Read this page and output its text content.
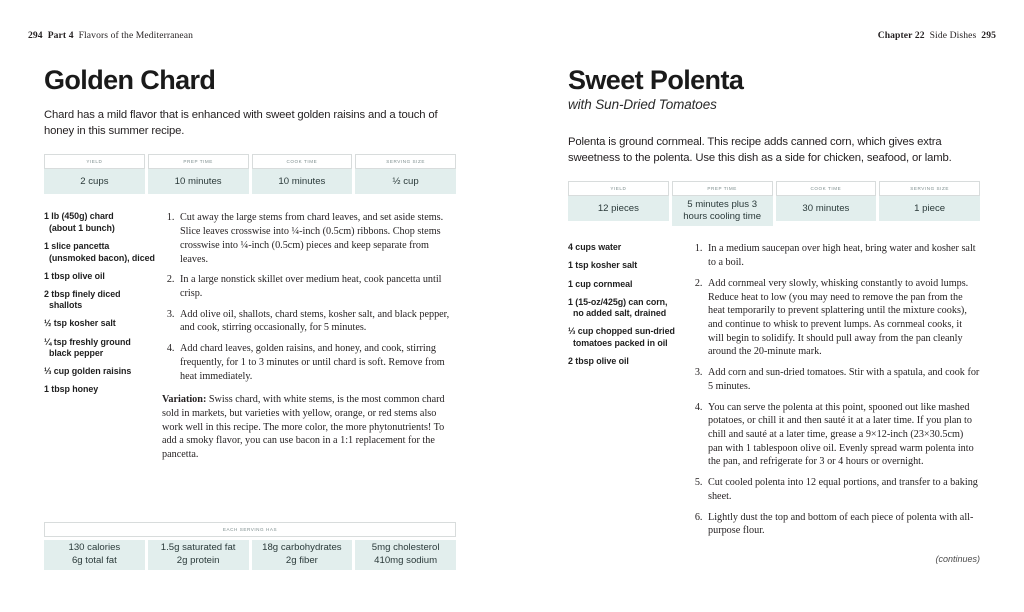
294 Part 4 Flavors of the Mediterranean
Golden Chard

Chard has a mild flavor that is enhanced with sweet golden raisins and a touch of honey in this summer recipe.

YIELD
2 cups
PREP TIME
10 minutes
COOK TIME
10 minutes
SERVING SIZE
½ cup
1 lb (450g) chard
(about 1 bunch)
1 slice pancetta
(unsmoked bacon), diced
1 tbsp olive oil
2 tbsp finely diced
shallots
½ tsp kosher salt
¼ tsp freshly ground
black pepper
⅓ cup golden raisins
1 tbsp honey
1. Cut away the large stems from chard leaves, and set aside stems. Slice leaves crosswise into ¼-inch (0.5cm) ribbons. Chop stems crosswise into ¼-inch (0.5cm) pieces and keep separate from leaves.
2. In a large nonstick skillet over medium heat, cook pancetta until crisp.
3. Add olive oil, shallots, chard stems, kosher salt, and black pepper, and cook, stirring occasionally, for 5 minutes.
4. Add chard leaves, golden raisins, and honey, and cook, stirring frequently, for 1 to 3 minutes or until chard is soft. Remove from heat immediately.

Variation: Swiss chard, with white stems, is the most common chard sold in markets, but varieties with yellow, orange, or red stems also work well in this recipe. The more color, the more phytonutrients! To add a smoky flavor, you can use bacon in a 1:1 replacement for the pancetta.

EACH SERVING HAS
130 calories
6g total fat
1.5g saturated fat
2g protein
18g carbohydrates
2g fiber
5mg cholesterol
410mg sodium
Chapter 22 Side Dishes 295
Sweet Polenta
with Sun-Dried Tomatoes

Polenta is ground cornmeal. This recipe adds canned corn, which gives extra sweetness to the polenta. Use this dish as a side for chicken, seafood, or lamb.

YIELD
12 pieces
PREP TIME
5 minutes plus 3 hours cooling time
COOK TIME
30 minutes
SERVING SIZE
1 piece
4 cups water
1 tsp kosher salt
1 cup cornmeal
1 (15-oz/425g) can corn,
no added salt, drained
⅓ cup chopped sun-dried
tomatoes packed in oil
2 tbsp olive oil
1. In a medium saucepan over high heat, bring water and kosher salt to a boil.
2. Add cornmeal very slowly, whisking constantly to avoid lumps. Reduce heat to low (you may need to remove the pan from the heat temporarily to prevent splattering until the mixture cooks), and continue to whisk to prevent lumps. As cornmeal cooks, it will begin to solidify. It should pull away from the pan cleanly around the 20-minute mark.
3. Add corn and sun-dried tomatoes. Stir with a spatula, and cook for 5 minutes.
4. You can serve the polenta at this point, spooned out like mashed potatoes, or chill it and then sauté it at a later time. If you plan to chill and sauté at a later time, grease a 9×12-inch (23×30.5cm) pan with 1 tablespoon olive oil. Evenly spread warm polenta into the pan, and refrigerate for 3 or 4 hours or overnight.
5. Cut cooled polenta into 12 equal portions, and transfer to a baking sheet.
6. Lightly dust the top and bottom of each piece of polenta with all-purpose flour.
(continues)
